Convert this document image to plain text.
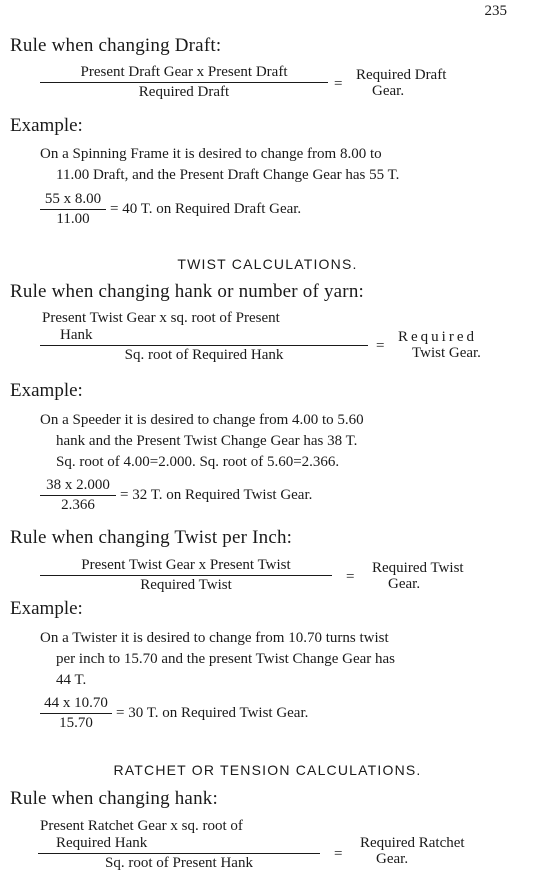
235
Rule when changing Draft:
$\frac{\text{Present Draft Gear x Present Draft}}{\text{Required Draft}}$ =
Required Draft
Gear.
Example:
On a Spinning Frame it is desired to change from 8.00 to
11.00 Draft, and the Present Draft Change Gear has 55 T.
$\frac{55 x 8.00}{11.00} = 40$ T. on Required Draft Gear.
TWIST CALCULATIONS.
Rule when changing hank or number of yarn:
Present Twist Gear x sq. root of Present
Hank
Sq. root of Required Hank =
Required
Twist Gear.
Example:
On a Speeder it is desired to change from 4.00 to 5.60
hank and the Present Twist Change Gear has 38 T.
Sq. root of 4.00=2.000. Sq. root of 5.60=2.366.
$\frac{38 x 2.000}{2.366} = 32$ T. on Required Twist Gear.
Rule when changing Twist per Inch:
$\frac{\text{Present Twist Gear x Present Twist}}{\text{Required Twist}}$ =
Required Twist
Gear.
Example:
On a Twister it is desired to change from 10.70 turns twist
per inch to 15.70 and the present Twist Change Gear has
44 T.
$\frac{44 x 10.70}{15.70} = 30$ T. on Required Twist Gear.
RATCHET OR TENSION CALCULATIONS.
Rule when changing hank:
Present Ratchet Gear x sq. root of
Required Hank
Sq. root of Present Hank =
Required Ratchet
Gear.
